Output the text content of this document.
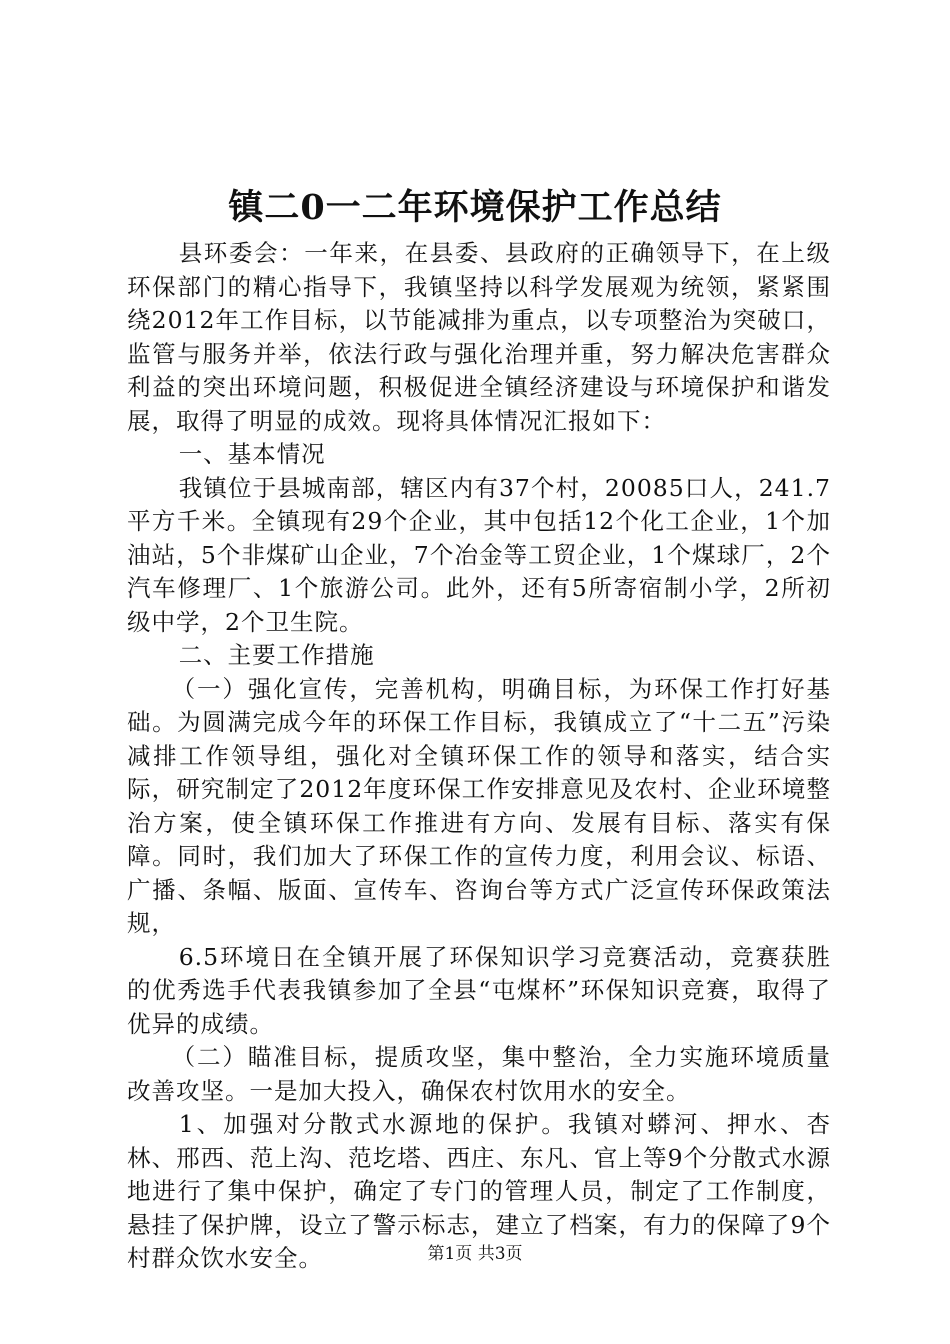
镇二0一二年环境保护工作总结

县环委会：一年来，在县委、县政府的正确领导下，在上级环保部门的精心指导下，我镇坚持以科学发展观为统领，紧紧围绕2012年工作目标，以节能减排为重点，以专项整治为突破口，监管与服务并举，依法行政与强化治理并重，努力解决危害群众利益的突出环境问题，积极促进全镇经济建设与环境保护和谐发展，取得了明显的成效。现将具体情况汇报如下：

一、基本情况

我镇位于县城南部，辖区内有37个村，20085口人，241.7平方千米。全镇现有29个企业，其中包括12个化工企业，1个加油站，5个非煤矿山企业，7个冶金等工贸企业，1个煤球厂，2个汽车修理厂、1个旅游公司。此外，还有5所寄宿制小学，2所初级中学，2个卫生院。

二、主要工作措施

（一）强化宣传，完善机构，明确目标，为环保工作打好基础。为圆满完成今年的环保工作目标，我镇成立了“十二五”污染减排工作领导组，强化对全镇环保工作的领导和落实，结合实际，研究制定了2012年度环保工作安排意见及农村、企业环境整治方案，使全镇环保工作推进有方向、发展有目标、落实有保障。同时，我们加大了环保工作的宣传力度，利用会议、标语、广播、条幅、版面、宣传车、咨询台等方式广泛宣传环保政策法规，

6.5环境日在全镇开展了环保知识学习竞赛活动，竞赛获胜的优秀选手代表我镇参加了全县“屯煤杯”环保知识竞赛，取得了优异的成绩。

（二）瞄准目标，提质攻坚，集中整治，全力实施环境质量改善攻坚。一是加大投入，确保农村饮用水的安全。

1、加强对分散式水源地的保护。我镇对蟒河、押水、杏林、邢西、范上沟、范圪塔、西庄、东凡、官上等9个分散式水源地进行了集中保护，确定了专门的管理人员，制定了工作制度，悬挂了保护牌，设立了警示标志，建立了档案，有力的保障了9个村群众饮水安全。	第1页 共3页
